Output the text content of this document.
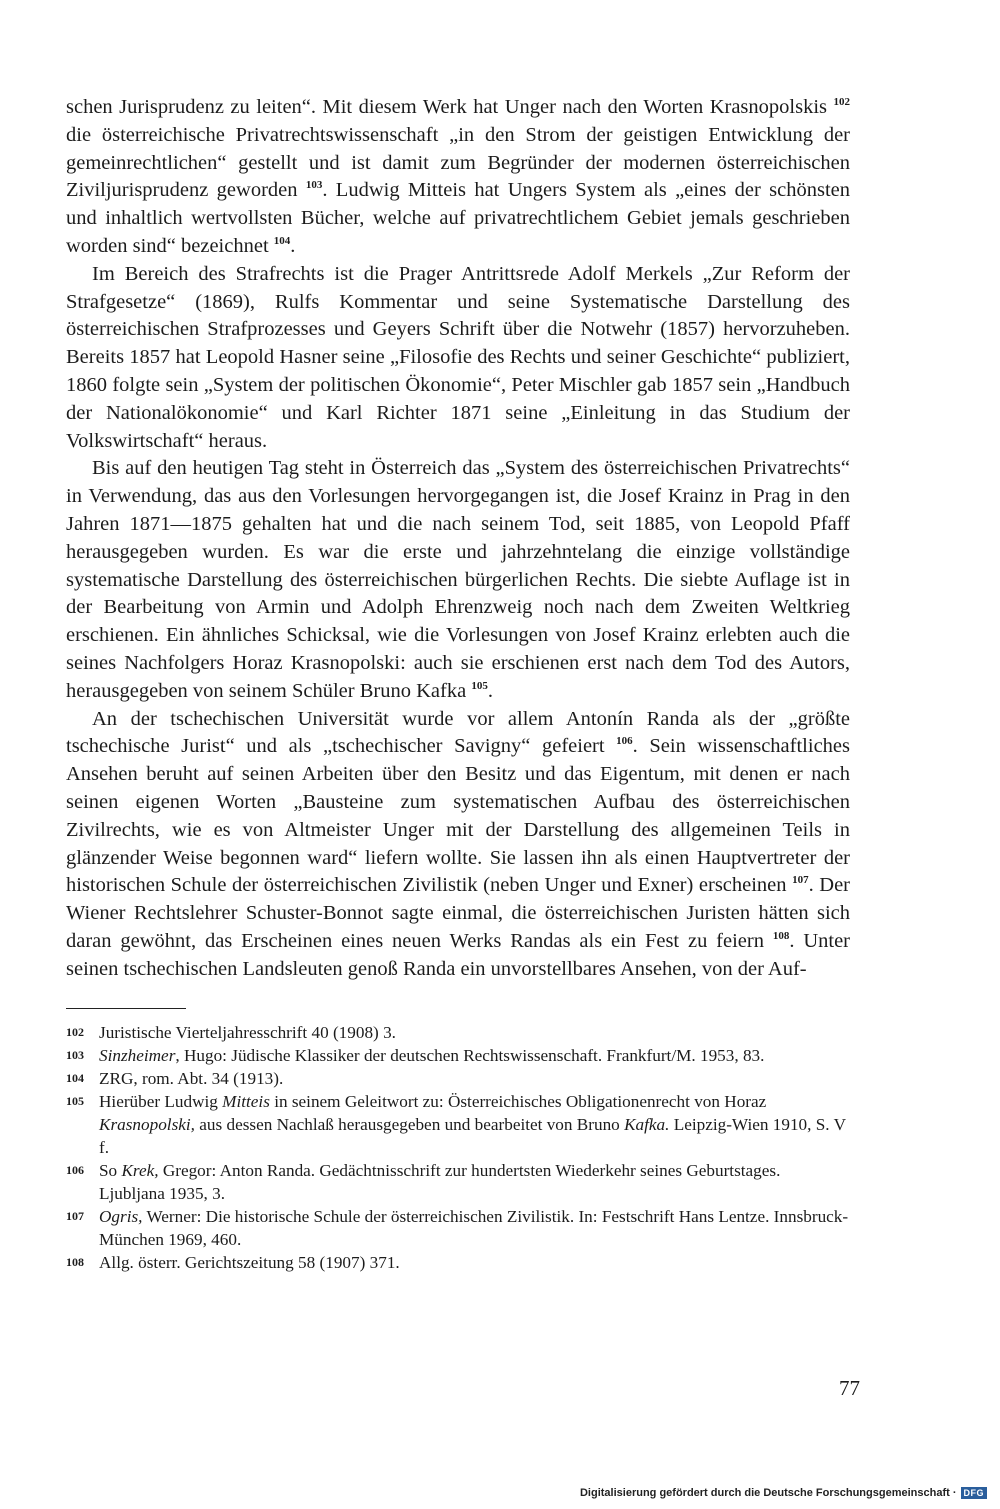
schen Jurisprudenz zu leiten“. Mit diesem Werk hat Unger nach den Worten Krasnopolskis $^{102}$ die österreichische Privatrechtswissenschaft „in den Strom der geistigen Entwicklung der gemeinrechtlichen“ gestellt und ist damit zum Begründer der modernen österreichischen Ziviljurisprudenz geworden $^{103}$. Ludwig Mitteis hat Ungers System als „eines der schönsten und inhaltlich wertvollsten Bücher, welche auf privatrechtlichem Gebiet jemals geschrieben worden sind“ bezeichnet $^{104}$.

Im Bereich des Strafrechts ist die Prager Antrittsrede Adolf Merkels „Zur Reform der Strafgesetze“ (1869), Rulfs Kommentar und seine Systematische Darstellung des österreichischen Strafprozesses und Geyers Schrift über die Notwehr (1857) hervorzuheben. Bereits 1857 hat Leopold Hasner seine „Filosofie des Rechts und seiner Geschichte“ publiziert, 1860 folgte sein „System der politischen Ökonomie“, Peter Mischler gab 1857 sein „Handbuch der Nationalökonomie“ und Karl Richter 1871 seine „Einleitung in das Studium der Volkswirtschaft“ heraus.

Bis auf den heutigen Tag steht in Österreich das „System des österreichischen Privatrechts“ in Verwendung, das aus den Vorlesungen hervorgegangen ist, die Josef Krainz in Prag in den Jahren 1871—1875 gehalten hat und die nach seinem Tod, seit 1885, von Leopold Pfaff herausgegeben wurden. Es war die erste und jahrzehntelang die einzige vollständige systematische Darstellung des österreichischen bürgerlichen Rechts. Die siebte Auflage ist in der Bearbeitung von Armin und Adolph Ehrenzweig noch nach dem Zweiten Weltkrieg erschienen. Ein ähnliches Schicksal, wie die Vorlesungen von Josef Krainz erlebten auch die seines Nachfolgers Horaz Krasnopolski: auch sie erschienen erst nach dem Tod des Autors, herausgegeben von seinem Schüler Bruno Kafka $^{105}$.

An der tschechischen Universität wurde vor allem Antonín Randa als der „größte tschechische Jurist“ und als „tschechischer Savigny“ gefeiert $^{106}$. Sein wissenschaftliches Ansehen beruht auf seinen Arbeiten über den Besitz und das Eigentum, mit denen er nach seinen eigenen Worten „Bausteine zum systematischen Aufbau des österreichischen Zivilrechts, wie es von Altmeister Unger mit der Darstellung des allgemeinen Teils in glänzender Weise begonnen ward“ liefern wollte. Sie lassen ihn als einen Hauptvertreter der historischen Schule der österreichischen Zivilistik (neben Unger und Exner) erscheinen $^{107}$. Der Wiener Rechtslehrer Schuster-Bonnot sagte einmal, die österreichischen Juristen hätten sich daran gewöhnt, das Erscheinen eines neuen Werks Randas als ein Fest zu feiern $^{108}$. Unter seinen tschechischen Landsleuten genoß Randa ein unvorstellbares Ansehen, von der Auf-

102 Juristische Vierteljahresschrift 40 (1908) 3.

103 Sinzheimer, Hugo: Jüdische Klassiker der deutschen Rechtswissenschaft. Frankfurt/M. 1953, 83.

104 ZRG, rom. Abt. 34 (1913).

105 Hierüber Ludwig Mitteis in seinem Geleitwort zu: Österreichisches Obligationenrecht von Horaz Krasnopolski, aus dessen Nachlaß herausgegeben und bearbeitet von Bruno Kafka. Leipzig-Wien 1910, S. V f.

106 So Krek, Gregor: Anton Randa. Gedächtnisschrift zur hundertsten Wiederkehr seines Geburtstages. Ljubljana 1935, 3.

107 Ogris, Werner: Die historische Schule der österreichischen Zivilistik. In: Festschrift Hans Lentze. Innsbruck-München 1969, 460.

108 Allg. österr. Gerichtszeitung 58 (1907) 371.

77
Digitalisierung gefördert durch die Deutsche Forschungsgemeinschaft · DFG
